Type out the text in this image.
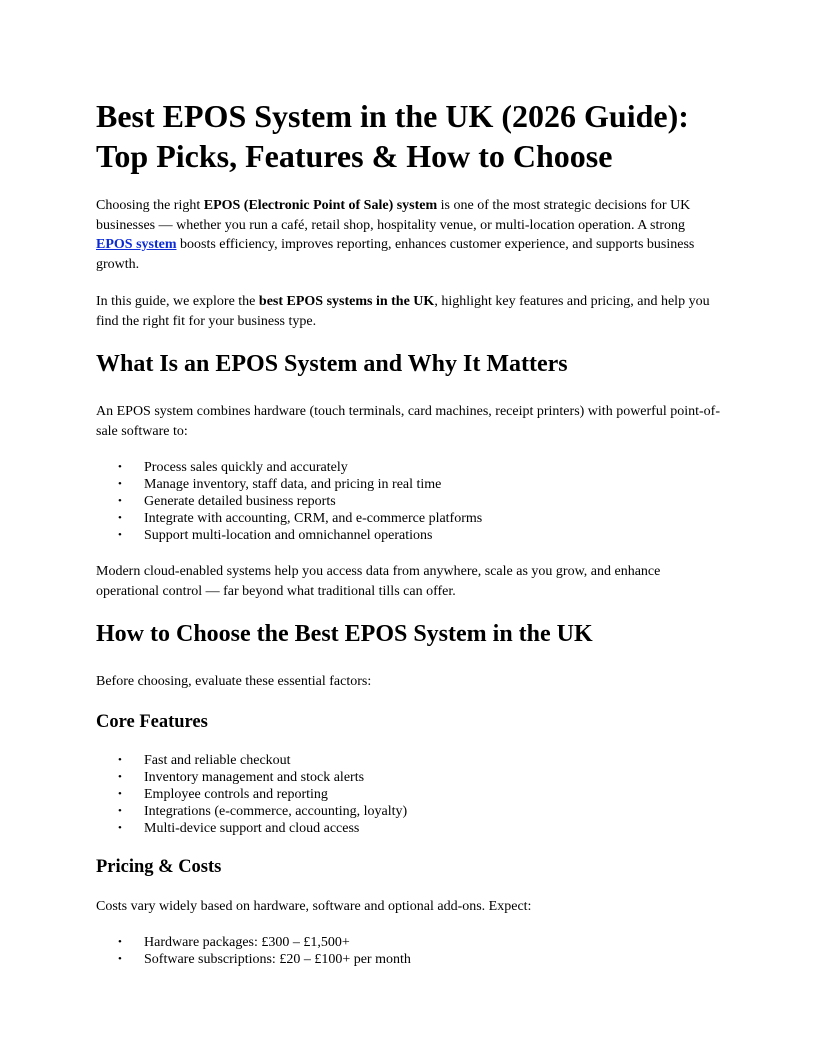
Best EPOS System in the UK (2026 Guide): Top Picks, Features & How to Choose

Choosing the right EPOS (Electronic Point of Sale) system is one of the most strategic decisions for UK businesses — whether you run a café, retail shop, hospitality venue, or multi-location operation. A strong EPOS system boosts efficiency, improves reporting, enhances customer experience, and supports business growth.

In this guide, we explore the best EPOS systems in the UK, highlight key features and pricing, and help you find the right fit for your business type.

What Is an EPOS System and Why It Matters

An EPOS system combines hardware (touch terminals, card machines, receipt printers) with powerful point-of-sale software to:

• Process sales quickly and accurately
• Manage inventory, staff data, and pricing in real time
• Generate detailed business reports
• Integrate with accounting, CRM, and e-commerce platforms
• Support multi-location and omnichannel operations

Modern cloud-enabled systems help you access data from anywhere, scale as you grow, and enhance operational control — far beyond what traditional tills can offer.

How to Choose the Best EPOS System in the UK

Before choosing, evaluate these essential factors:

Core Features
• Fast and reliable checkout
• Inventory management and stock alerts
• Employee controls and reporting
• Integrations (e-commerce, accounting, loyalty)
• Multi-device support and cloud access
Pricing & Costs

Costs vary widely based on hardware, software and optional add-ons. Expect:

• Hardware packages: £300 – £1,500+
• Software subscriptions: £20 – £100+ per month
